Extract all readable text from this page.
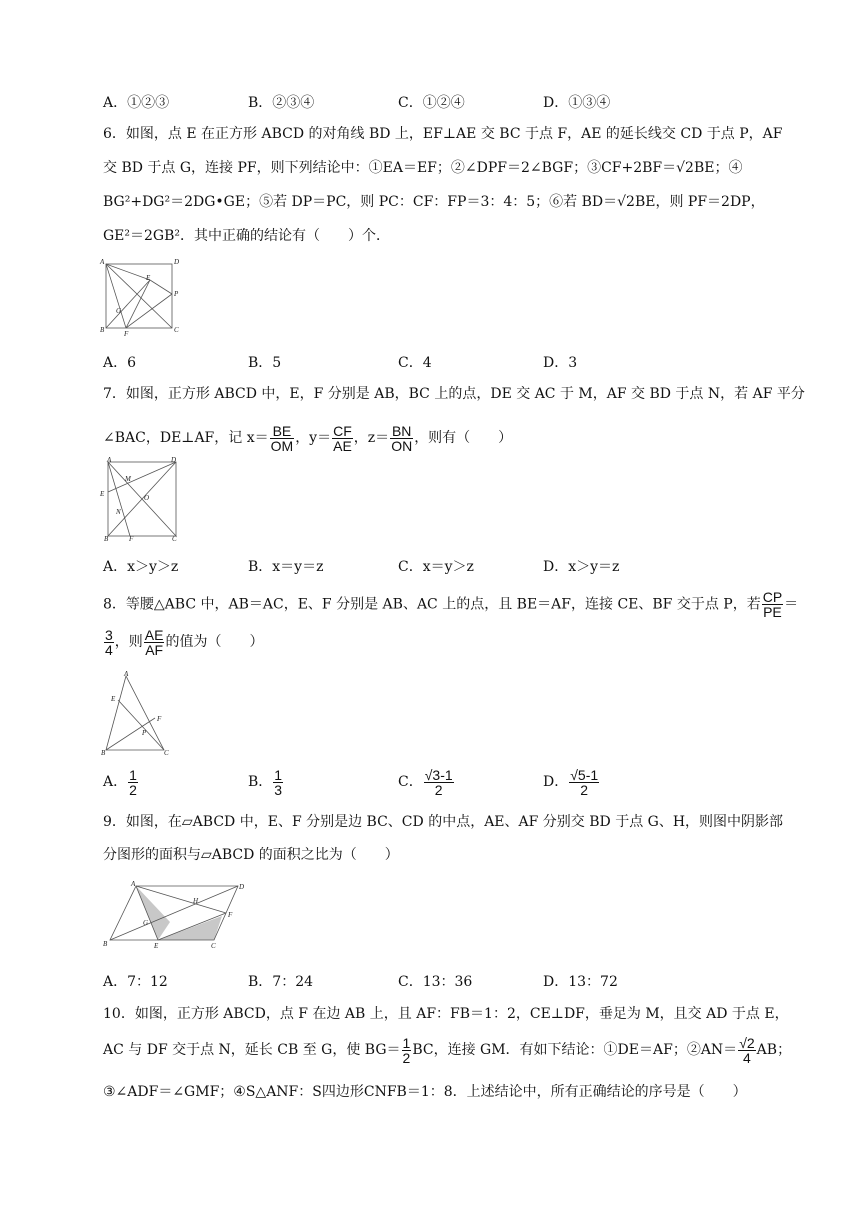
A．①②③	B．②③④	C．①②④	D．①③④
6．如图，点 E 在正方形 ABCD 的对角线 BD 上，EF⊥AE 交 BC 于点 F，AE 的延长线交 CD 于点 P，AF
交 BD 于点 G，连接 PF，则下列结论中：①EA＝EF；②∠DPF＝2∠BGF；③CF+2BF＝√2BE；④
BG²+DG²＝2DG•GE；⑤若 DP＝PC，则 PC：CF：FP＝3：4：5；⑥若 BD＝√2BE，则 PF＝2DP，
GE²＝2GB²．其中正确的结论有（　　）个．
A	D
E
P
G
B	F	C
A．6	B．5	C．4	D．3
7．如图，正方形 ABCD 中，E，F 分别是 AB，BC 上的点，DE 交 AC 于 M，AF 交 BD 于点 N，若 AF 平分
∠BAC，DE⊥AF，记 $x= \frac{BE}{OM}$ ，$y= \frac{CF}{AE}$ ，$z= \frac{BN}{ON}$ ，则有（　　）
A	D
M
E	O
N
B	F	C
A．x＞y＞z	B．x＝y＝z	C．x＝y＞z	D．x＞y＝z
8．等腰△ABC 中，AB＝AC，E、F 分别是 AB、AC 上的点，且 BE＝AF，连接 CE、BF 交于点 P，若 $\frac{CP}{PE}$ ＝
$\frac{3}{4}$ ，则 $\frac{AE}{AF}$ 的值为（　　）
A
E
F
P
B	C
A． $\frac{1}{2}$	B． $\frac{1}{3}$	C． $\frac{√3-1}{2}$	D． $\frac{√5-1}{2}$
9．如图，在▱ABCD 中，E、F 分别是边 BC、CD 的中点，AE、AF 分别交 BD 于点 G、H，则图中阴影部
分图形的面积与▱ABCD 的面积之比为（　　）
A	D
H
G
F
B	E	C
A．7：12	B．7：24	C．13：36	D．13：72
10．如图，正方形 ABCD，点 F 在边 AB 上，且 AF：FB＝1：2，CE⊥DF，垂足为 M，且交 AD 于点 E，
AC 与 DF 交于点 N，延长 CB 至 G，使 $BG= \frac{1}{2}$ BC，连接 GM．有如下结论：①DE＝AF；②AN＝ $\frac{√2}{4}$ AB；
③∠ADF＝∠GMF；④S△ANF：S四边形CNFB＝1：8．上述结论中，所有正确结论的序号是（　　）
